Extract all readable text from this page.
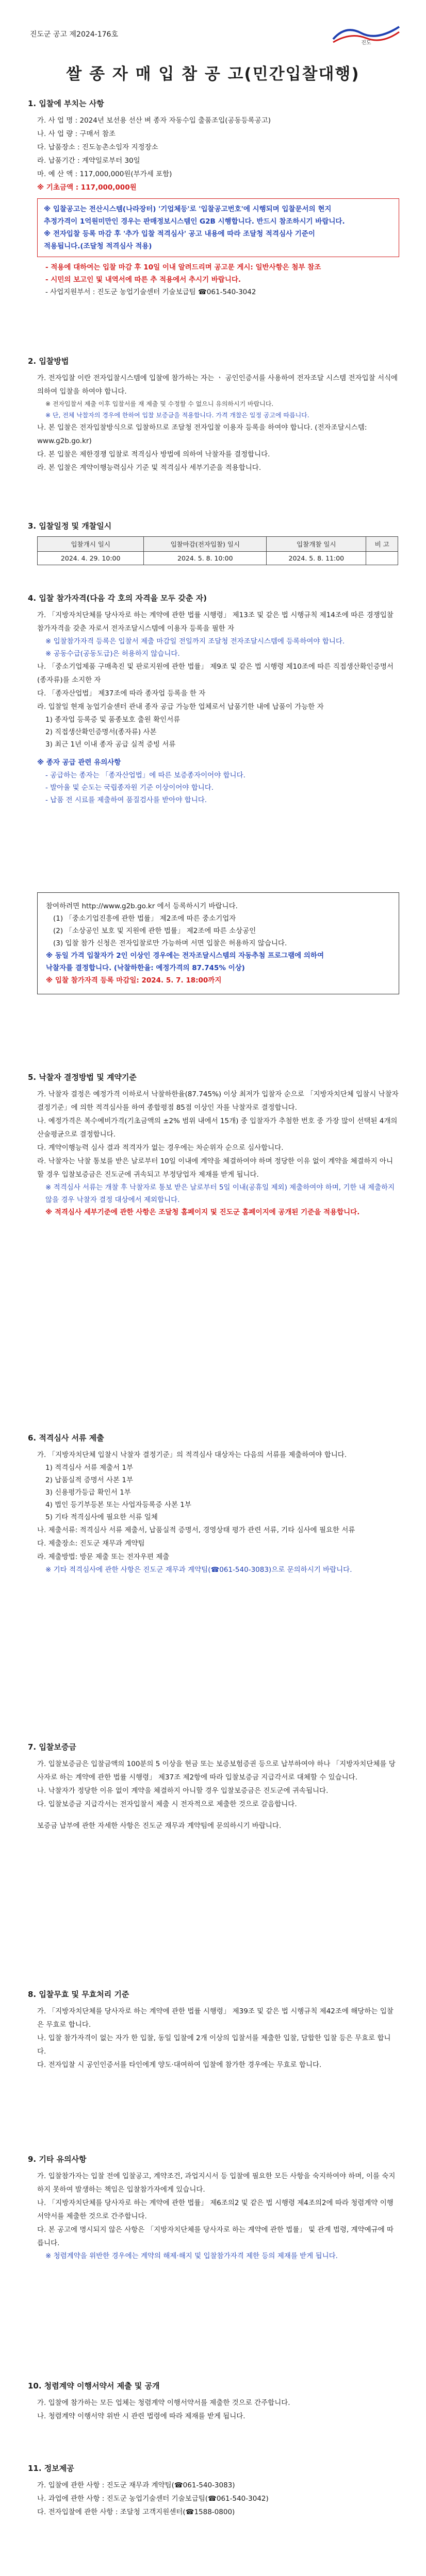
진도군 공고 제2024-176호
진도
쌀 종 자 매 입 참 공 고(민간입찰대행)
1. 입찰에 부치는 사항
가. 사 업 명 : 2024년 보선용 선산 벼 종자 자동수입 출품조입(공동등록공고)
나. 사 업 량 : 구매서 참조
다. 납품장소 : 진도농촌소임자 지정장소
라. 납품기간 : 계약일로부터 30일
마. 예 산 액 : 117,000,000원(부가세 포함)
※ 기초금액 : 117,000,000원
※ 입찰공고는 전산시스템(나라장터) '기업체등'로 '입찰공고번호'에 시행되며 입찰문서의 현지
추정가격이 1억원미만인 경우는 판매정보시스템인 G2B 시행합니다. 반드시 참조하시기 바랍니다.
※ 전자입찰 등록 마감 후 '추가 입찰 적격심사' 공고 내용에 따라 조달청 적격심사 기준이
적용됩니다.(조달청 적격심사 적용)
- 적용에 대하여는 입찰 마감 후 10일 이내 알려드리며 공고문 게시: 일반사항은 첨부 참조
- 시민의 보고인 및 내역서에 따른 추 적용에서 추시기 바랍니다.
- 사업지원부서 : 진도군 농업기술센터 기술보급팀 ☎061-540-3042
2. 입찰방법
가. 전자입찰 이란 전자입찰시스템에 입찰에 참가하는 자는 ㆍ 공인인증서를 사용하여 전자조달 시스템 전자입찰 서식에 의하여 입찰을 하여야 합니다.
※ 전자입찰서 제출 이후 입찰서를 재 제출 및 수정할 수 없으니 유의하시기 바랍니다.
※ 단, 전체 낙찰자의 경우에 한하여 입찰 보증금을 적용합니다. 가격 개찰은 일정 공고에 따릅니다.
나. 본 입찰은 전자입찰방식으로 입찰하므로 조달청 전자입찰 이용자 등록을 하여야 합니다. (전자조달시스템: www.g2b.go.kr)
다. 본 입찰은 제한경쟁 입찰로 적격심사 방법에 의하여 낙찰자를 결정합니다.
라. 본 입찰은 계약이행능력심사 기준 및 적격심사 세부기준을 적용합니다.
3. 입찰일정 및 개찰일시
입찰개시 일시	입찰마감(전자입찰) 일시	입찰개찰 일시	비 고
2024. 4. 29. 10:00	2024. 5. 8. 10:00	2024. 5. 8. 11:00	
4. 입찰 참가자격(다음 각 호의 자격을 모두 갖춘 자)
가. 「지방자치단체를 당사자로 하는 계약에 관한 법률 시행령」 제13조 및 같은 법 시행규칙 제14조에 따른 경쟁입찰 참가자격을 갖춘 자로서 전자조달시스템에 이용자 등록을 필한 자
※ 입찰참가자격 등록은 입찰서 제출 마감일 전일까지 조달청 전자조달시스템에 등록하여야 합니다.
※ 공동수급(공동도급)은 허용하지 않습니다.
나. 「중소기업제품 구매촉진 및 판로지원에 관한 법률」 제9조 및 같은 법 시행령 제10조에 따른 직접생산확인증명서(종자류)를 소지한 자
다. 「종자산업법」 제37조에 따라 종자업 등록을 한 자
라. 입찰일 현재 농업기술센터 관내 종자 공급 가능한 업체로서 납품기한 내에 납품이 가능한 자
1) 종자업 등록증 및 품종보호 출원 확인서류
2) 직접생산확인증명서(종자류) 사본
3) 최근 1년 이내 종자 공급 실적 증빙 서류
※ 종자 공급 관련 유의사항
- 공급하는 종자는 「종자산업법」에 따른 보증종자이어야 합니다.
- 발아율 및 순도는 국립종자원 기준 이상이어야 합니다.
- 납품 전 시료를 제출하여 품질검사를 받아야 합니다.
참여하려면 http://www.g2b.go.kr 에서 등록하시기 바랍니다.
(1) 「중소기업진흥에 관한 법률」 제2조에 따른 중소기업자
(2) 「소상공인 보호 및 지원에 관한 법률」 제2조에 따른 소상공인
(3) 입찰 참가 신청은 전자입찰로만 가능하며 서면 입찰은 허용하지 않습니다.
※ 동일 가격 입찰자가 2인 이상인 경우에는 전자조달시스템의 자동추첨 프로그램에 의하여
낙찰자를 결정합니다. (낙찰하한율: 예정가격의 87.745% 이상)
※ 입찰 참가자격 등록 마감일: 2024. 5. 7. 18:00까지
5. 낙찰자 결정방법 및 계약기준
가. 낙찰자 결정은 예정가격 이하로서 낙찰하한율(87.745%) 이상 최저가 입찰자 순으로 「지방자치단체 입찰시 낙찰자 결정기준」에 의한 적격심사를 하여 종합평점 85점 이상인 자를 낙찰자로 결정합니다.
나. 예정가격은 복수예비가격(기초금액의 ±2% 범위 내에서 15개) 중 입찰자가 추첨한 번호 중 가장 많이 선택된 4개의 산술평균으로 결정합니다.
다. 계약이행능력 심사 결과 적격자가 없는 경우에는 차순위자 순으로 심사합니다.
라. 낙찰자는 낙찰 통보를 받은 날로부터 10일 이내에 계약을 체결하여야 하며 정당한 이유 없이 계약을 체결하지 아니할 경우 입찰보증금은 진도군에 귀속되고 부정당업자 제재를 받게 됩니다.
※ 적격심사 서류는 개찰 후 낙찰자로 통보 받은 날로부터 5일 이내(공휴일 제외) 제출하여야 하며, 기한 내 제출하지 않을 경우 낙찰자 결정 대상에서 제외합니다.
※ 적격심사 세부기준에 관한 사항은 조달청 홈페이지 및 진도군 홈페이지에 공개된 기준을 적용합니다.
6. 적격심사 서류 제출
가. 「지방자치단체 입찰시 낙찰자 결정기준」의 적격심사 대상자는 다음의 서류를 제출하여야 합니다.
1) 적격심사 서류 제출서 1부
2) 납품실적 증명서 사본 1부
3) 신용평가등급 확인서 1부
4) 법인 등기부등본 또는 사업자등록증 사본 1부
5) 기타 적격심사에 필요한 서류 일체
나. 제출서류: 적격심사 서류 제출서, 납품실적 증명서, 경영상태 평가 관련 서류, 기타 심사에 필요한 서류
다. 제출장소: 진도군 재무과 계약팀
라. 제출방법: 방문 제출 또는 전자우편 제출
※ 기타 적격심사에 관한 사항은 진도군 재무과 계약팀(☎061-540-3083)으로 문의하시기 바랍니다.
7. 입찰보증금
가. 입찰보증금은 입찰금액의 100분의 5 이상을 현금 또는 보증보험증권 등으로 납부하여야 하나 「지방자치단체를 당사자로 하는 계약에 관한 법률 시행령」 제37조 제2항에 따라 입찰보증금 지급각서로 대체할 수 있습니다.
나. 낙찰자가 정당한 이유 없이 계약을 체결하지 아니할 경우 입찰보증금은 진도군에 귀속됩니다.
다. 입찰보증금 지급각서는 전자입찰서 제출 시 전자적으로 제출한 것으로 갈음합니다.
보증금 납부에 관한 자세한 사항은 진도군 재무과 계약팀에 문의하시기 바랍니다.
8. 입찰무효 및 무효처리 기준
가. 「지방자치단체를 당사자로 하는 계약에 관한 법률 시행령」 제39조 및 같은 법 시행규칙 제42조에 해당하는 입찰은 무효로 합니다.
나. 입찰 참가자격이 없는 자가 한 입찰, 동일 입찰에 2개 이상의 입찰서를 제출한 입찰, 담합한 입찰 등은 무효로 합니다.
다. 전자입찰 시 공인인증서를 타인에게 양도·대여하여 입찰에 참가한 경우에는 무효로 합니다.
9. 기타 유의사항
가. 입찰참가자는 입찰 전에 입찰공고, 계약조건, 과업지시서 등 입찰에 필요한 모든 사항을 숙지하여야 하며, 이를 숙지하지 못하여 발생하는 책임은 입찰참가자에게 있습니다.
나. 「지방자치단체를 당사자로 하는 계약에 관한 법률」 제6조의2 및 같은 법 시행령 제4조의2에 따라 청렴계약 이행서약서를 제출한 것으로 간주합니다.
다. 본 공고에 명시되지 않은 사항은 「지방자치단체를 당사자로 하는 계약에 관한 법률」 및 관계 법령, 계약예규에 따릅니다.
※ 청렴계약을 위반한 경우에는 계약의 해제·해지 및 입찰참가자격 제한 등의 제재를 받게 됩니다.
10. 청렴계약 이행서약서 제출 및 공개
가. 입찰에 참가하는 모든 업체는 청렴계약 이행서약서를 제출한 것으로 간주합니다.
나. 청렴계약 이행서약 위반 시 관련 법령에 따라 제재를 받게 됩니다.
11. 정보제공
가. 입찰에 관한 사항 : 진도군 재무과 계약팀(☎061-540-3083)
나. 과업에 관한 사항 : 진도군 농업기술센터 기술보급팀(☎061-540-3042)
다. 전자입찰에 관한 사항 : 조달청 고객지원센터(☎1588-0800)
